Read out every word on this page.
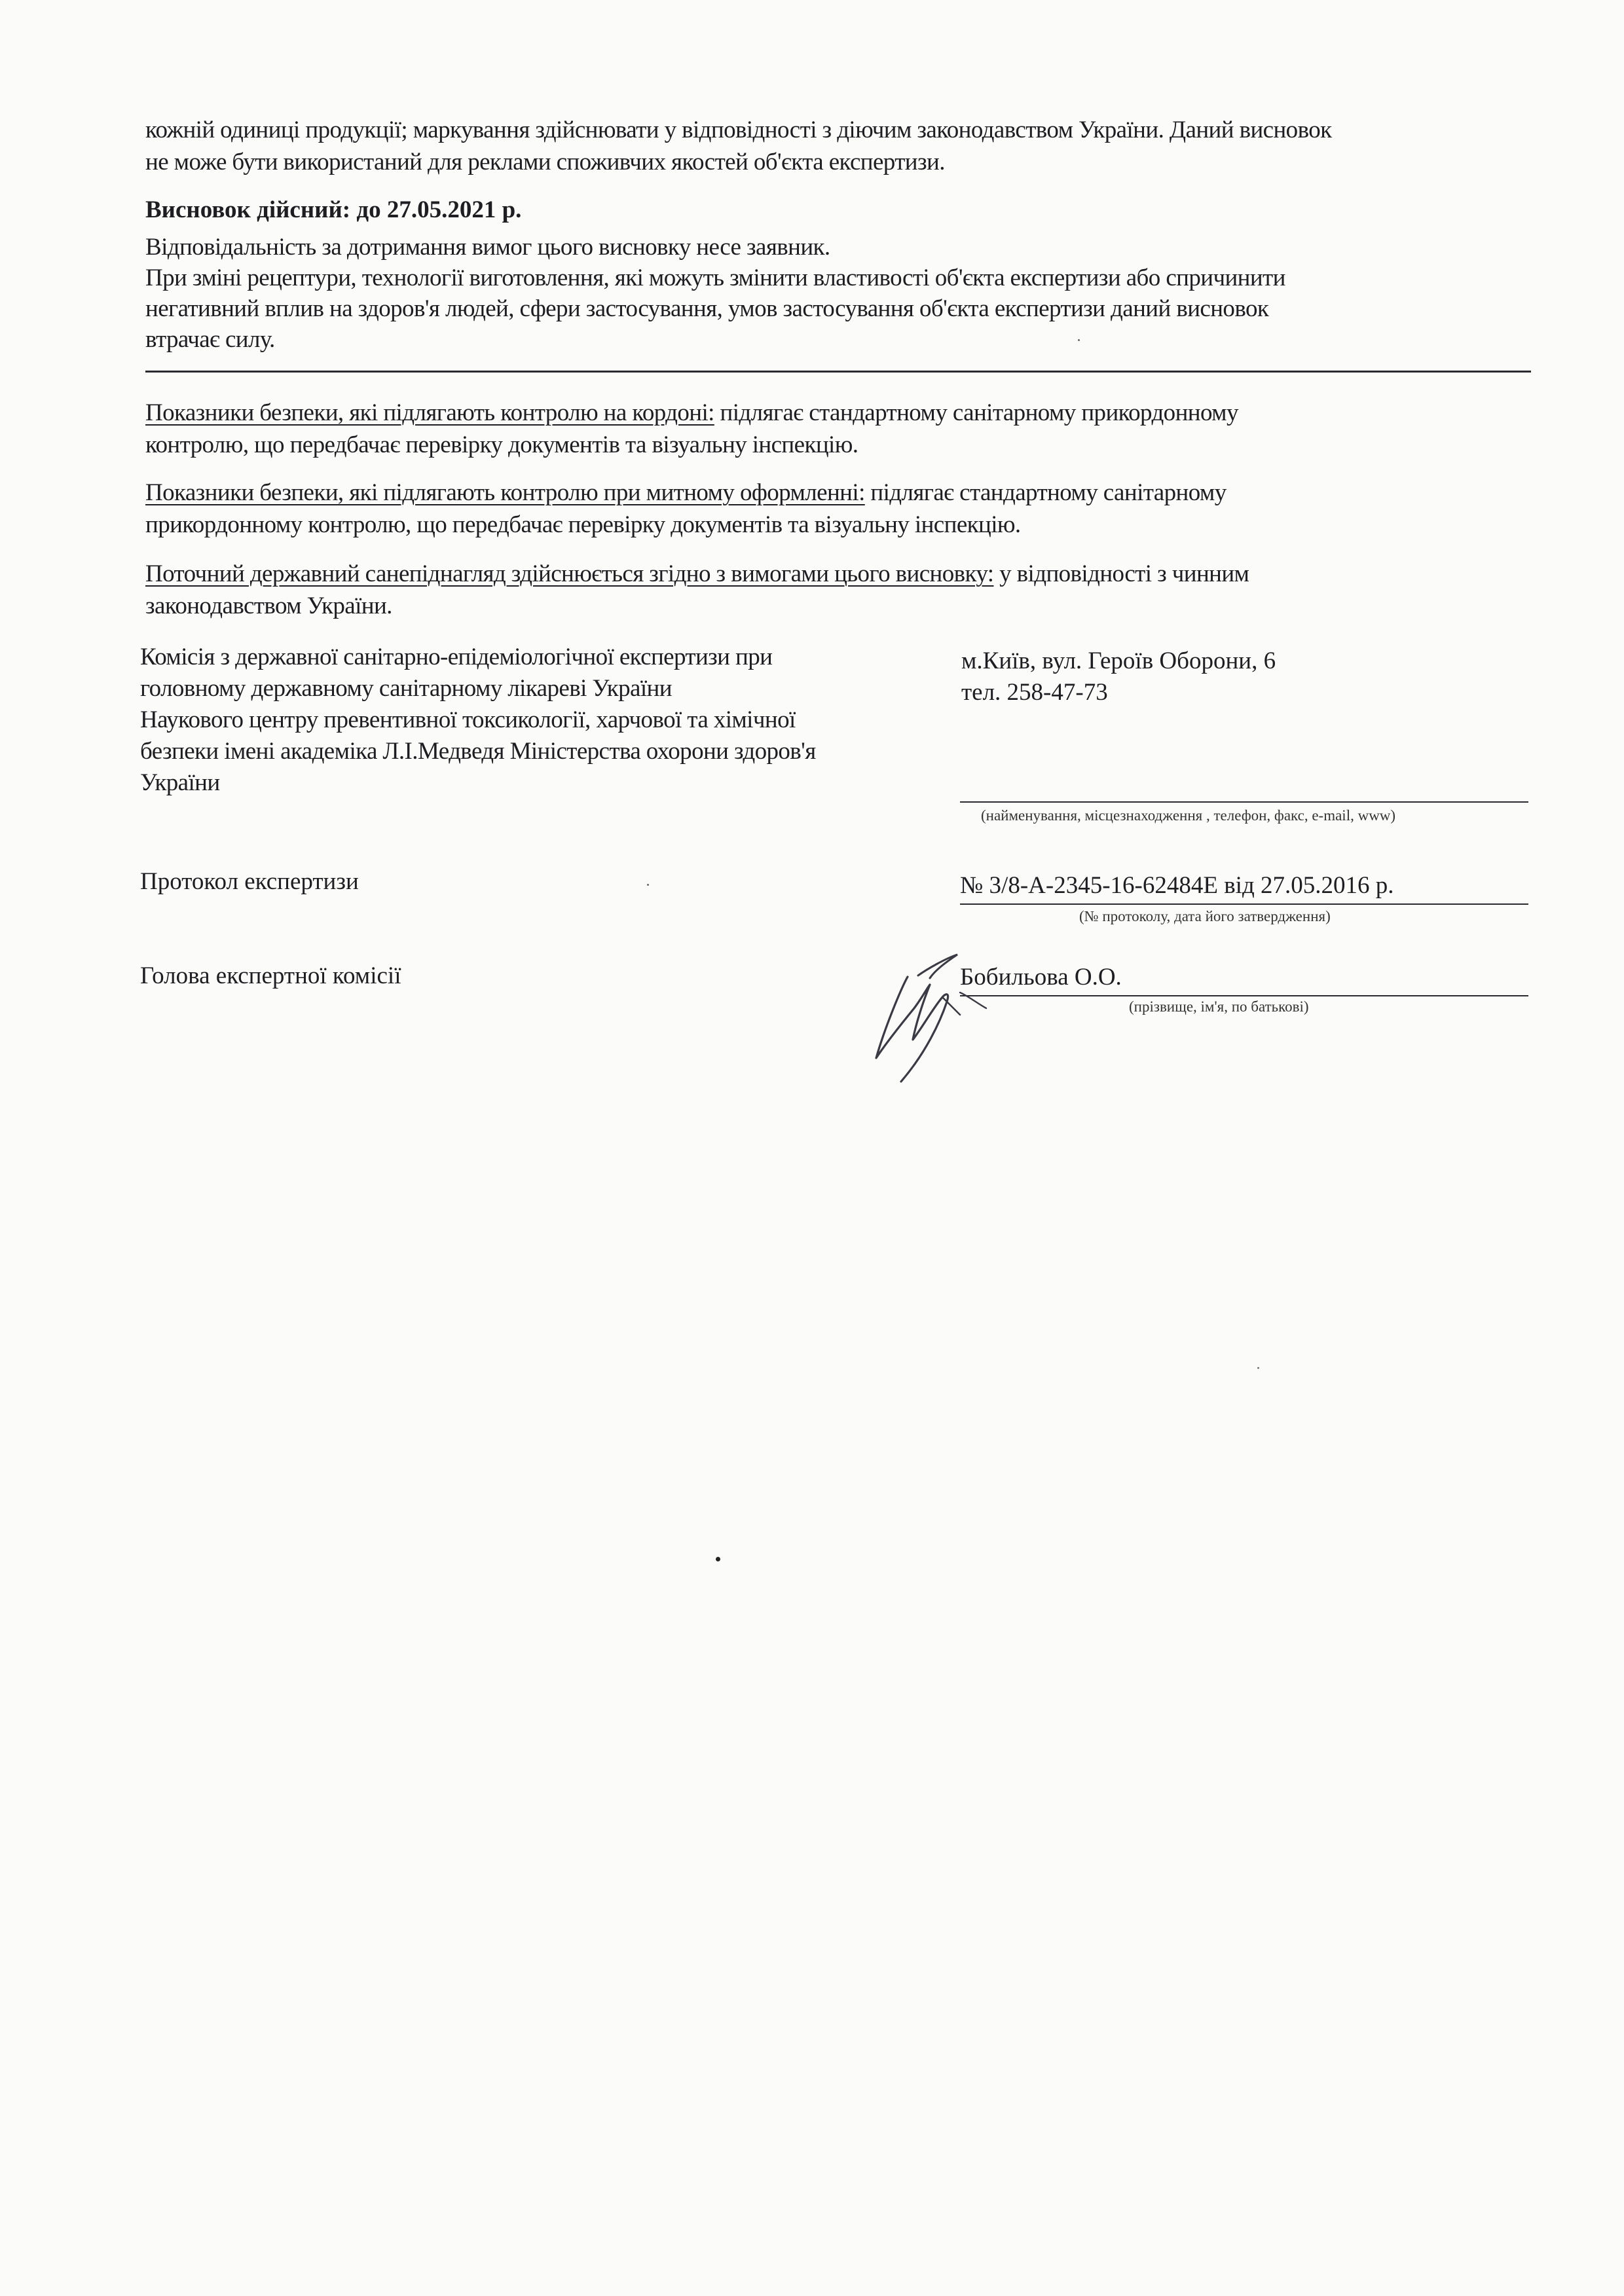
кожній одиниці продукції; маркування здійснювати у відповідності з діючим законодавством України. Даний висновок
не може бути використаний для реклами споживчих якостей об'єкта експертизи.
Висновок дійсний: до 27.05.2021 р.
Відповідальність за дотримання вимог цього висновку несе заявник.
При зміні рецептури, технології виготовлення, які можуть змінити властивості об'єкта експертизи або спричинити
негативний вплив на здоров'я людей, сфери застосування, умов застосування об'єкта експертизи даний висновок
втрачає силу.
Показники безпеки, які підлягають контролю на кордоні: підлягає стандартному санітарному прикордонному
контролю, що передбачає перевірку документів та візуальну інспекцію.
Показники безпеки, які підлягають контролю при митному оформленні: підлягає стандартному санітарному
прикордонному контролю, що передбачає перевірку документів та візуальну інспекцію.
Поточний державний санепіднагляд здійснюється згідно з вимогами цього висновку: у відповідності з чинним
законодавством України.
Комісія з державної санітарно-епідеміологічної експертизи при
головному державному санітарному лікареві України
Наукового центру превентивної токсикології, харчової та хімічної
безпеки імені академіка Л.І.Медведя Міністерства охорони здоров'я
України
м.Київ, вул. Героїв Оборони, 6
тел. 258-47-73
(найменування, місцезнаходження , телефон, факс, e-mail, www)
Протокол експертизи	№ 3/8-А-2345-16-62484Е від 27.05.2016 р.
(№ протоколу, дата його затвердження)
Голова експертної комісії	Бобильова О.О.
(прізвище, ім'я, по батькові)
